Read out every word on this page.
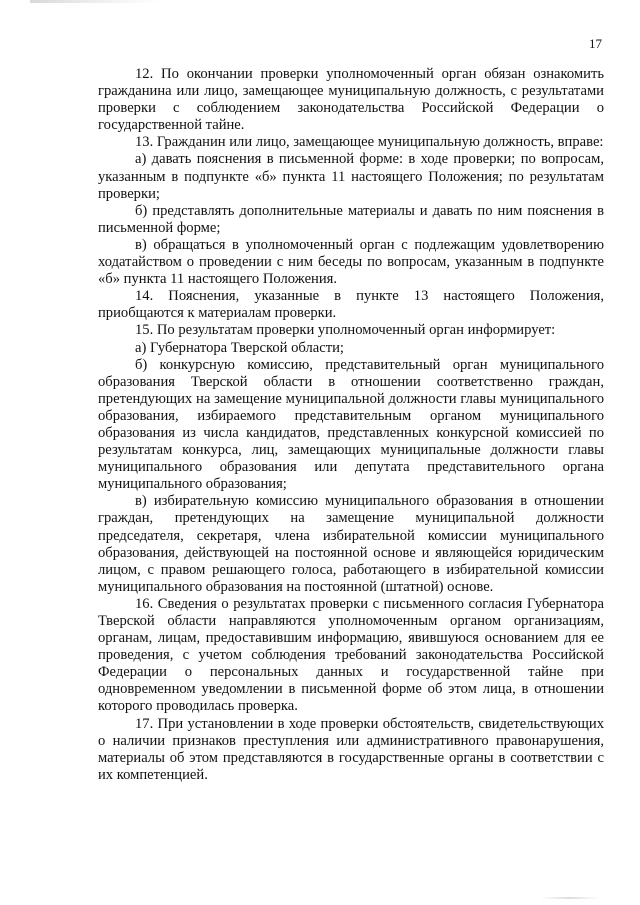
17

12. По окончании проверки уполномоченный орган обязан ознакомить гражданина или лицо, замещающее муниципальную должность, с результатами проверки с соблюдением законодательства Российской Федерации о государственной тайне.

13. Гражданин или лицо, замещающее муниципальную должность, вправе:

а) давать пояснения в письменной форме: в ходе проверки; по вопросам, указанным в подпункте «б» пункта 11 настоящего Положения; по результатам проверки;

б) представлять дополнительные материалы и давать по ним пояснения в письменной форме;

в) обращаться в уполномоченный орган с подлежащим удовлетворению ходатайством о проведении с ним беседы по вопросам, указанным в подпункте «б» пункта 11 настоящего Положения.

14. Пояснения, указанные в пункте 13 настоящего Положения, приобщаются к материалам проверки.

15. По результатам проверки уполномоченный орган информирует:

а) Губернатора Тверской области;

б) конкурсную комиссию, представительный орган муниципального образования Тверской области в отношении соответственно граждан, претендующих на замещение муниципальной должности главы муниципального образования, избираемого представительным органом муниципального образования из числа кандидатов, представленных конкурсной комиссией по результатам конкурса, лиц, замещающих муниципальные должности главы муниципального образования или депутата представительного органа муниципального образования;

в) избирательную комиссию муниципального образования в отношении граждан, претендующих на замещение муниципальной должности председателя, секретаря, члена избирательной комиссии муниципального образования, действующей на постоянной основе и являющейся юридическим лицом, с правом решающего голоса, работающего в избирательной комиссии муниципального образования на постоянной (штатной) основе.

16. Сведения о результатах проверки с письменного согласия Губернатора Тверской области направляются уполномоченным органом организациям, органам, лицам, предоставившим информацию, явившуюся основанием для ее проведения, с учетом соблюдения требований законодательства Российской Федерации о персональных данных и государственной тайне при одновременном уведомлении в письменной форме об этом лица, в отношении которого проводилась проверка.

17. При установлении в ходе проверки обстоятельств, свидетельствующих о наличии признаков преступления или административного правонарушения, материалы об этом представляются в государственные органы в соответствии с их компетенцией.
